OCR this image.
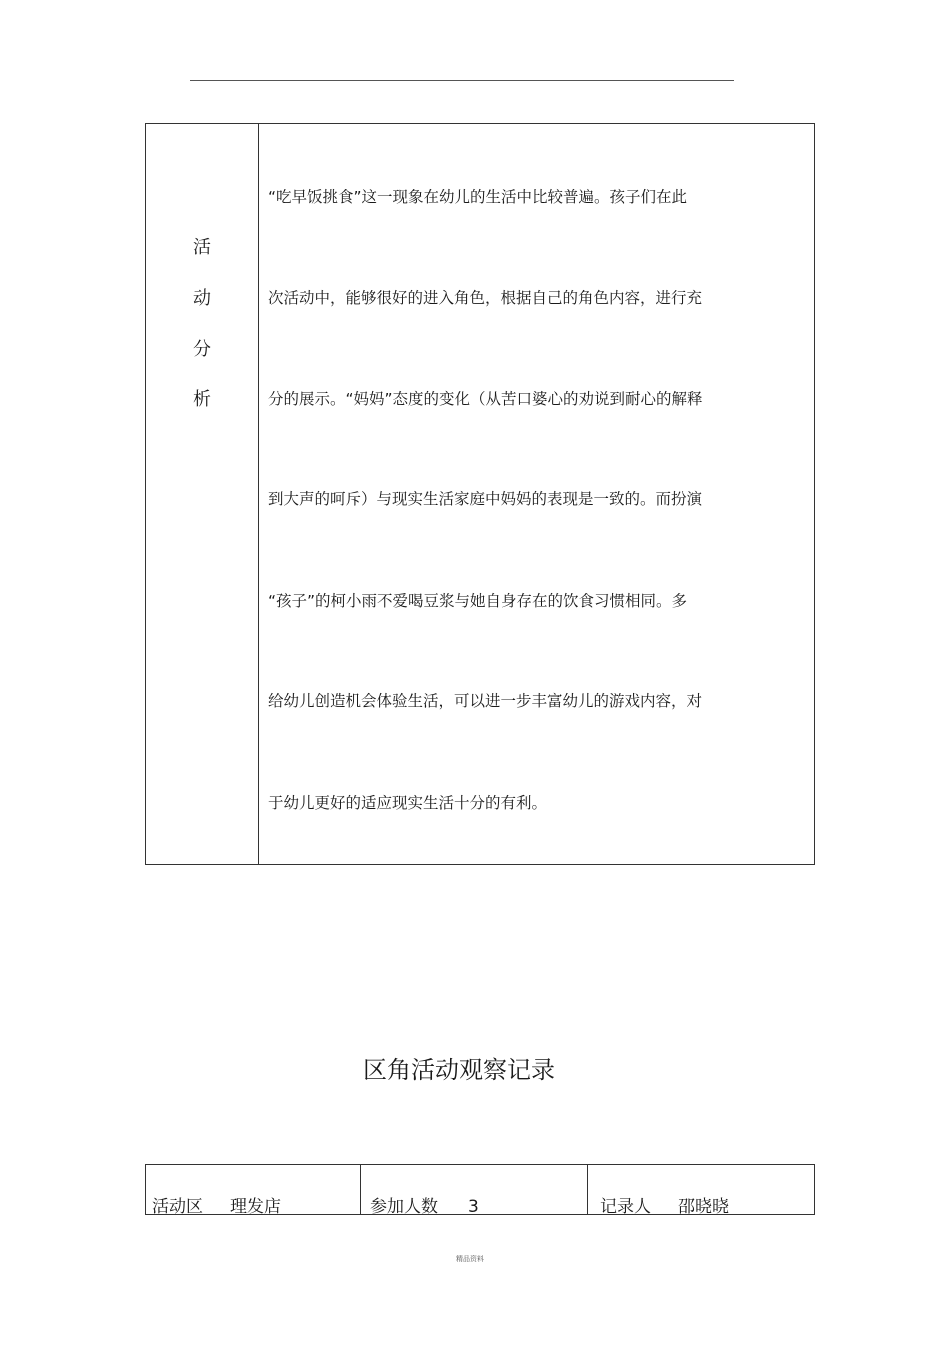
活
动
分
析
“吃早饭挑食”这一现象在幼儿的生活中比较普遍。孩子们在此
次活动中，能够很好的进入角色，根据自己的角色内容，进行充
分的展示。“妈妈”态度的变化（从苦口婆心的劝说到耐心的解释
到大声的呵斥）与现实生活家庭中妈妈的表现是一致的。而扮演
“孩子”的柯小雨不爱喝豆浆与她自身存在的饮食习惯相同。多
给幼儿创造机会体验生活，可以进一步丰富幼儿的游戏内容，对
于幼儿更好的适应现实生活十分的有利。
区角活动观察记录
活动区 理发店	参加人数 3	记录人 邵晓晓
精品资料
